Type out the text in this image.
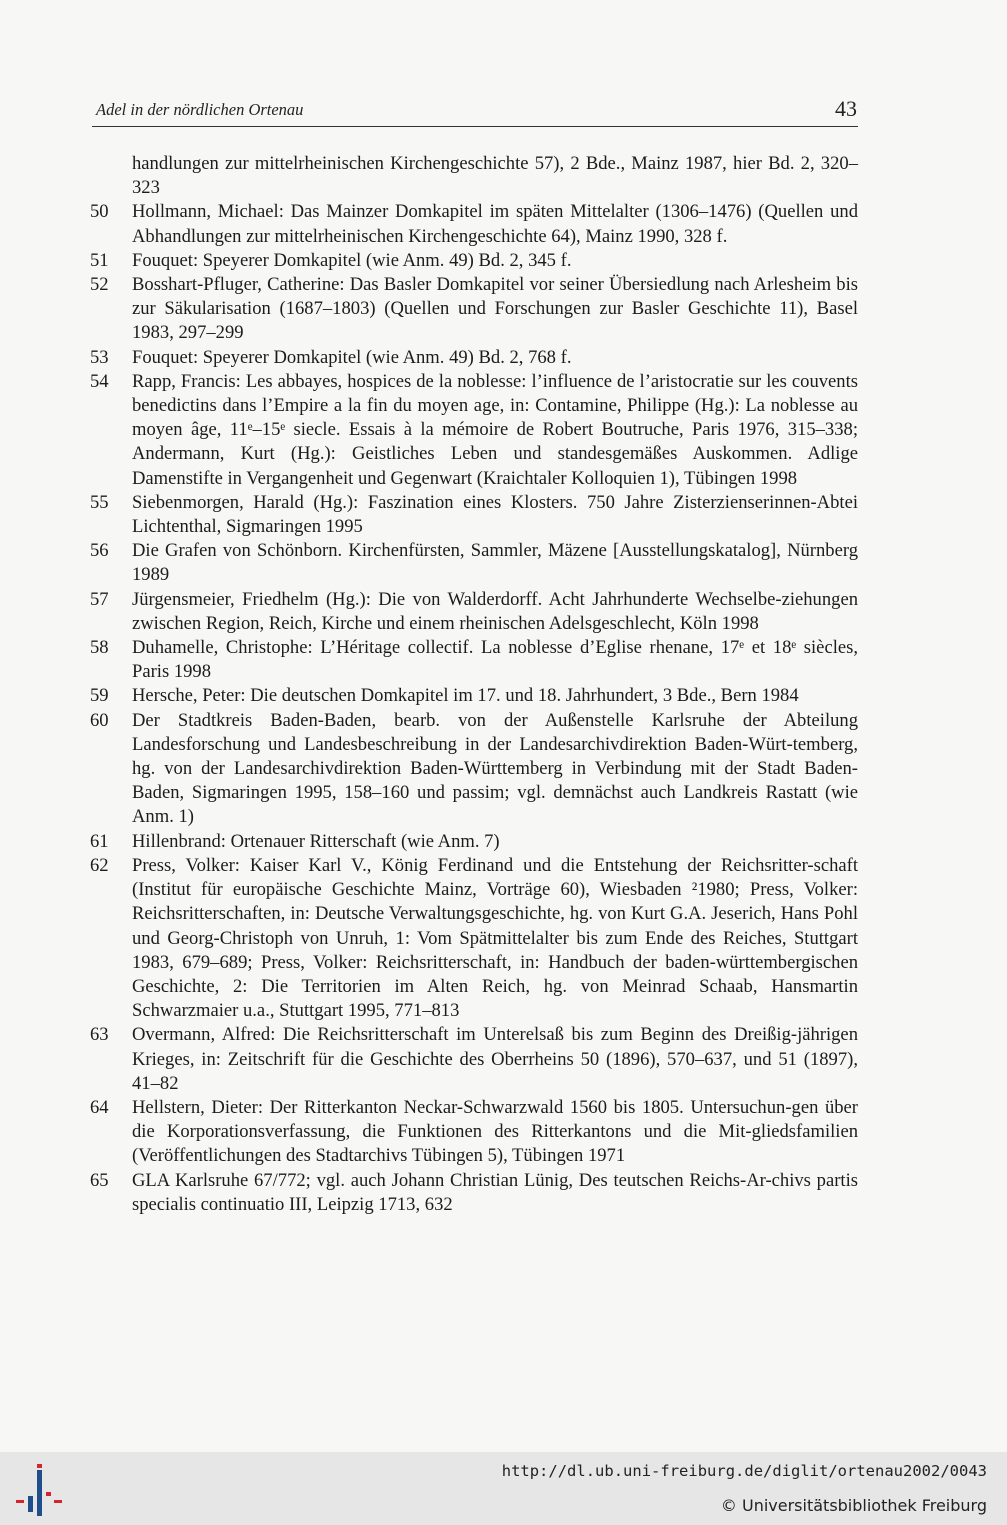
Adel in der nördlichen Ortenau	43
handlungen zur mittelrheinischen Kirchengeschichte 57), 2 Bde., Mainz 1987, hier Bd. 2, 320–323
50	Hollmann, Michael: Das Mainzer Domkapitel im späten Mittelalter (1306–1476) (Quellen und Abhandlungen zur mittelrheinischen Kirchengeschichte 64), Mainz 1990, 328 f.
51	Fouquet: Speyerer Domkapitel (wie Anm. 49) Bd. 2, 345 f.
52	Bosshart-Pfluger, Catherine: Das Basler Domkapitel vor seiner Übersiedlung nach Arlesheim bis zur Säkularisation (1687–1803) (Quellen und Forschungen zur Basler Geschichte 11), Basel 1983, 297–299
53	Fouquet: Speyerer Domkapitel (wie Anm. 49) Bd. 2, 768 f.
54	Rapp, Francis: Les abbayes, hospices de la noblesse: l’influence de l’aristocratie sur les couvents benedictins dans l’Empire a la fin du moyen age, in: Contamine, Philippe (Hg.): La noblesse au moyen âge, 11ᵉ–15ᵉ siecle. Essais à la mémoire de Robert Boutruche, Paris 1976, 315–338; Andermann, Kurt (Hg.): Geistliches Leben und standesgemäßes Auskommen. Adlige Damenstifte in Vergangenheit und Gegenwart (Kraichtaler Kolloquien 1), Tübingen 1998
55	Siebenmorgen, Harald (Hg.): Faszination eines Klosters. 750 Jahre Zisterzienserinnen-Abtei Lichtenthal, Sigmaringen 1995
56	Die Grafen von Schönborn. Kirchenfürsten, Sammler, Mäzene [Ausstellungskatalog], Nürnberg 1989
57	Jürgensmeier, Friedhelm (Hg.): Die von Walderdorff. Acht Jahrhunderte Wechselbe-ziehungen zwischen Region, Reich, Kirche und einem rheinischen Adelsgeschlecht, Köln 1998
58	Duhamelle, Christophe: L’Héritage collectif. La noblesse d’Eglise rhenane, 17ᵉ et 18ᵉ siècles, Paris 1998
59	Hersche, Peter: Die deutschen Domkapitel im 17. und 18. Jahrhundert, 3 Bde., Bern 1984
60	Der Stadtkreis Baden-Baden, bearb. von der Außenstelle Karlsruhe der Abteilung Landesforschung und Landesbeschreibung in der Landesarchivdirektion Baden-Würt-temberg, hg. von der Landesarchivdirektion Baden-Württemberg in Verbindung mit der Stadt Baden-Baden, Sigmaringen 1995, 158–160 und passim; vgl. demnächst auch Landkreis Rastatt (wie Anm. 1)
61	Hillenbrand: Ortenauer Ritterschaft (wie Anm. 7)
62	Press, Volker: Kaiser Karl V., König Ferdinand und die Entstehung der Reichsritter-schaft (Institut für europäische Geschichte Mainz, Vorträge 60), Wiesbaden ²1980; Press, Volker: Reichsritterschaften, in: Deutsche Verwaltungsgeschichte, hg. von Kurt G.A. Jeserich, Hans Pohl und Georg-Christoph von Unruh, 1: Vom Spätmittelalter bis zum Ende des Reiches, Stuttgart 1983, 679–689; Press, Volker: Reichsritterschaft, in: Handbuch der baden-württembergischen Geschichte, 2: Die Territorien im Alten Reich, hg. von Meinrad Schaab, Hansmartin Schwarzmaier u.a., Stuttgart 1995, 771–813
63	Overmann, Alfred: Die Reichsritterschaft im Unterelsaß bis zum Beginn des Dreißig-jährigen Krieges, in: Zeitschrift für die Geschichte des Oberrheins 50 (1896), 570–637, und 51 (1897), 41–82
64	Hellstern, Dieter: Der Ritterkanton Neckar-Schwarzwald 1560 bis 1805. Untersuchun-gen über die Korporationsverfassung, die Funktionen des Ritterkantons und die Mit-gliedsfamilien (Veröffentlichungen des Stadtarchivs Tübingen 5), Tübingen 1971
65	GLA Karlsruhe 67/772; vgl. auch Johann Christian Lünig, Des teutschen Reichs-Ar-chivs partis specialis continuatio III, Leipzig 1713, 632
http://dl.ub.uni-freiburg.de/diglit/ortenau2002/0043
© Universitätsbibliothek Freiburg
